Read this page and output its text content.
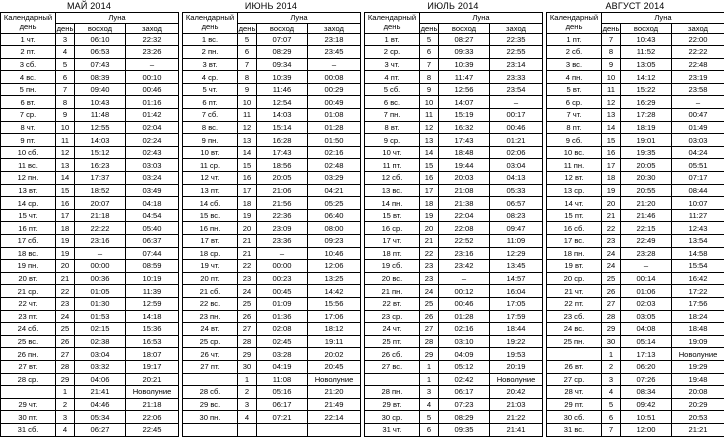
МАЙ 2014
Календарный
день	Луна		
	день	восход	заход
1 чт.	3	06:10	22:32
2 пт.	4	06:53	23:26
3 сб.	5	07:43	–
4 вс.	6	08:39	00:10
5 пн.	7	09:40	00:46
6 вт.	8	10:43	01:16
7 ср.	9	11:48	01:42
8 чт.	10	12:55	02:04
9 пт.	11	14:03	02:24
10 сб.	12	15:12	02:43
11 вс.	13	16:23	03:03
12 пн.	14	17:37	03:24
13 вт.	15	18:52	03:49
14 ср.	16	20:07	04:18
15 чт.	17	21:18	04:54
16 пт.	18	22:22	05:40
17 сб.	19	23:16	06:37
18 вс.	19	–	07:44
19 пн.	20	00:00	08:59
20 вт.	21	00:36	10:19
21 ср.	22	01:05	11:39
22 чт.	23	01:30	12:59
23 пт.	24	01:53	14:18
24 сб.	25	02:15	15:36
25 вс.	26	02:38	16:53
26 пн.	27	03:04	18:07
27 вт.	28	03:32	19:17
28 ср.	29	04:06	20:21
	1	21:41	Новолуние
29 чт.	2	04:46	21:18
30 пт.	3	05:34	22:06
31 сб.	4	06:27	22:45
ИЮНЬ 2014
Календарный
день	Луна		
	день	восход	заход
1 вс.	5	07:07	23:18
2 пн.	6	08:29	23:45
3 вт.	7	09:34	–
4 ср.	8	10:39	00:08
5 чт.	9	11:46	00:29
6 пт.	10	12:54	00:49
7 сб.	11	14:03	01:08
8 вс.	12	15:14	01:28
9 пн.	13	16:28	01:50
10 вт.	14	17:43	02:16
11 ср.	15	18:56	02:48
12 чт.	16	20:05	03:29
13 пт.	17	21:06	04:21
14 сб.	18	21:56	05:25
15 вс.	19	22:36	06:40
16 пн.	20	23:09	08:00
17 вт.	21	23:36	09:23
18 ср.	21	–	10:46
19 чт.	22	00:00	12:06
20 пт.	23	00:23	13:25
21 сб.	24	00:45	14:42
22 вс.	25	01:09	15:56
23 пн.	26	01:36	17:06
24 вт.	27	02:08	18:12
25 ср.	28	02:45	19:11
26 чт.	29	03:28	20:02
27 пт.	30	04:19	20:45
	1	11:08	Новолуние
28 сб.	2	05:16	21:20
29 вс.	3	06:17	21:49
30 пн.	4	07:21	22:14

ИЮЛЬ 2014
Календарный
день	Луна		
	день	восход	заход
1 вт.	5	08:27	22:35
2 ср.	6	09:33	22:55
3 чт.	7	10:39	23:14
4 пт.	8	11:47	23:33
5 сб.	9	12:56	23:54
6 вс.	10	14:07	–
7 пн.	11	15:19	00:17
8 вт.	12	16:32	00:46
9 ср.	13	17:43	01:21
10 чт.	14	18:48	02:06
11 пт.	15	19:44	03:04
12 сб.	16	20:03	04:13
13 вс.	17	21:08	05:33
14 пн.	18	21:38	06:57
15 вт.	19	22:04	08:23
16 ср.	20	22:08	09:47
17 чт.	21	22:52	11:09
18 пт.	22	23:16	12:29
19 сб.	23	23:42	13:45
20 вс.	23	–	14:57
21 пн.	24	00:12	16:04
22 вт.	25	00:46	17:05
23 ср.	26	01:28	17:59
24 чт.	27	02:16	18:44
25 пт.	28	03:10	19:22
26 сб.	29	04:09	19:53
27 вс.	1	05:12	20:19
	1	02:42	Новолуние
28 пн.	3	06:17	20:42
29 вт.	4	07:23	21:03
30 ср.	5	08:29	21:22
31 чт.	6	09:35	21:41
АВГУСТ 2014
Календарный
день	Луна		
	день	восход	заход
1 пт.	7	10:43	22:00
2 сб.	8	11:52	22:22
3 вс.	9	13:05	22:48
4 пн.	10	14:12	23:19
5 вт.	11	15:22	23:58
6 ср.	12	16:29	–
7 чт.	13	17:28	00:47
8 пт.	14	18:19	01:49
9 сб.	15	19:01	03:03
10 вс.	16	19:35	04:24
11 пн.	17	20:05	05:51
12 вт.	18	20:30	07:17
13 ср.	19	20:55	08:44
14 чт.	20	21:20	10:07
15 пт.	21	21:46	11:27
16 сб.	22	22:15	12:43
17 вс.	23	22:49	13:54
18 пн.	24	23:28	14:58
19 вт.	24	–	15:54
20 ср.	25	00:14	16:42
21 чт.	26	01:06	17:22
22 пт.	27	02:03	17:56
23 сб.	28	03:05	18:24
24 вс.	29	04:08	18:48
25 пн.	30	05:14	19:09
	1	17:13	Новолуние
26 вт.	2	06:20	19:29
27 ср.	3	07:26	19:48
28 чт.	4	08:34	20:08
29 пт.	5	09:42	20:29
30 сб.	6	10:51	20:53
31 вс.	7	12:00	21:21
